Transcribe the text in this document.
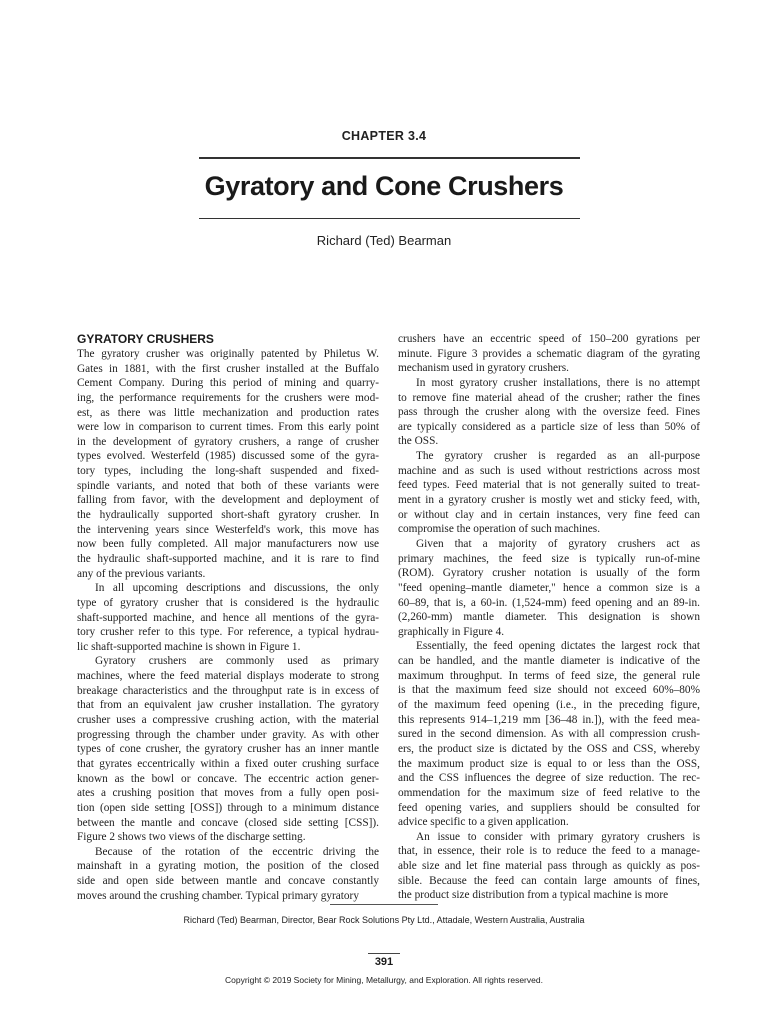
CHAPTER 3.4
Gyratory and Cone Crushers
Richard (Ted) Bearman
GYRATORY CRUSHERS
The gyratory crusher was originally patented by Philetus W.
Gates in 1881, with the first crusher installed at the Buffalo
Cement Company. During this period of mining and quarry-
ing, the performance requirements for the crushers were mod-
est, as there was little mechanization and production rates
were low in comparison to current times. From this early point
in the development of gyratory crushers, a range of crusher
types evolved. Westerfeld (1985) discussed some of the gyra-
tory types, including the long-shaft suspended and fixed-
spindle variants, and noted that both of these variants were
falling from favor, with the development and deployment of
the hydraulically supported short-shaft gyratory crusher. In
the intervening years since Westerfeld's work, this move has
now been fully completed. All major manufacturers now use
the hydraulic shaft-supported machine, and it is rare to find
any of the previous variants.
In all upcoming descriptions and discussions, the only
type of gyratory crusher that is considered is the hydraulic
shaft-supported machine, and hence all mentions of the gyra-
tory crusher refer to this type. For reference, a typical hydrau-
lic shaft-supported machine is shown in Figure 1.
Gyratory crushers are commonly used as primary
machines, where the feed material displays moderate to strong
breakage characteristics and the throughput rate is in excess of
that from an equivalent jaw crusher installation. The gyratory
crusher uses a compressive crushing action, with the material
progressing through the chamber under gravity. As with other
types of cone crusher, the gyratory crusher has an inner mantle
that gyrates eccentrically within a fixed outer crushing surface
known as the bowl or concave. The eccentric action gener-
ates a crushing position that moves from a fully open posi-
tion (open side setting [OSS]) through to a minimum distance
between the mantle and concave (closed side setting [CSS]).
Figure 2 shows two views of the discharge setting.
Because of the rotation of the eccentric driving the
mainshaft in a gyrating motion, the position of the closed
side and open side between mantle and concave constantly
moves around the crushing chamber. Typical primary gyratory
crushers have an eccentric speed of 150–200 gyrations per
minute. Figure 3 provides a schematic diagram of the gyrating
mechanism used in gyratory crushers.
In most gyratory crusher installations, there is no attempt
to remove fine material ahead of the crusher; rather the fines
pass through the crusher along with the oversize feed. Fines
are typically considered as a particle size of less than 50% of
the OSS.
The gyratory crusher is regarded as an all-purpose
machine and as such is used without restrictions across most
feed types. Feed material that is not generally suited to treat-
ment in a gyratory crusher is mostly wet and sticky feed, with,
or without clay and in certain instances, very fine feed can
compromise the operation of such machines.
Given that a majority of gyratory crushers act as
primary machines, the feed size is typically run-of-mine
(ROM). Gyratory crusher notation is usually of the form
"feed opening–mantle diameter," hence a common size is a
60–89, that is, a 60-in. (1,524-mm) feed opening and an 89-in.
(2,260-mm) mantle diameter. This designation is shown
graphically in Figure 4.
Essentially, the feed opening dictates the largest rock that
can be handled, and the mantle diameter is indicative of the
maximum throughput. In terms of feed size, the general rule
is that the maximum feed size should not exceed 60%–80%
of the maximum feed opening (i.e., in the preceding figure,
this represents 914–1,219 mm [36–48 in.]), with the feed mea-
sured in the second dimension. As with all compression crush-
ers, the product size is dictated by the OSS and CSS, whereby
the maximum product size is equal to or less than the OSS,
and the CSS influences the degree of size reduction. The rec-
ommendation for the maximum size of feed relative to the
feed opening varies, and suppliers should be consulted for
advice specific to a given application.
An issue to consider with primary gyratory crushers is
that, in essence, their role is to reduce the feed to a manage-
able size and let fine material pass through as quickly as pos-
sible. Because the feed can contain large amounts of fines,
the product size distribution from a typical machine is more
Richard (Ted) Bearman, Director, Bear Rock Solutions Pty Ltd., Attadale, Western Australia, Australia
391
Copyright © 2019 Society for Mining, Metallurgy, and Exploration. All rights reserved.
